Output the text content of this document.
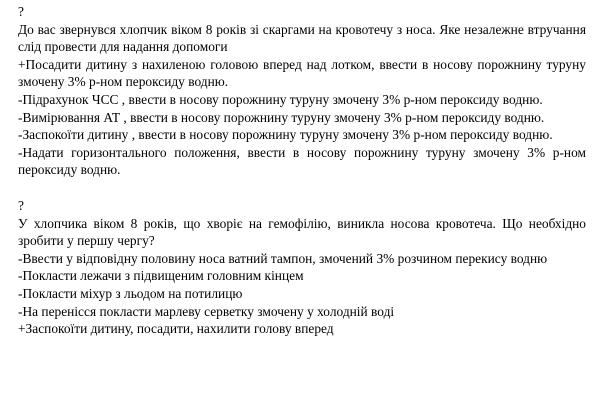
?

До вас звернувся хлопчик віком 8 років зі скаргами на кровотечу з носа. Яке незалежне втручання слід провести для надання допомоги

+Посадити дитину з нахиленою головою вперед над лотком, ввести в носову порожнину туруну змочену 3% р-ном пероксиду водню.

-Підрахунок ЧСС , ввести в носову порожнину туруну змочену 3% р-ном пероксиду водню.

-Вимірювання АТ , ввести в носову порожнину туруну змочену 3% р-ном пероксиду водню.

-Заспокоїти дитину , ввести в носову порожнину туруну змочену 3% р-ном пероксиду водню.

-Надати горизонтального положення, ввести в носову порожнину туруну змочену 3% р-ном пероксиду водню.

?

У хлопчика віком 8 років, що хворіє на гемофілію, виникла носова кровотеча. Що необхідно зробити у першу чергу?

-Ввести у відповідну половину носа ватний тампон, змочений 3% розчином перекису водню

-Покласти лежачи з підвищеним головним кінцем

-Покласти міхур з льодом на потилицю

-На перенісся покласти марлеву серветку змочену у холодній воді

+Заспокоїти дитину, посадити, нахилити голову вперед
